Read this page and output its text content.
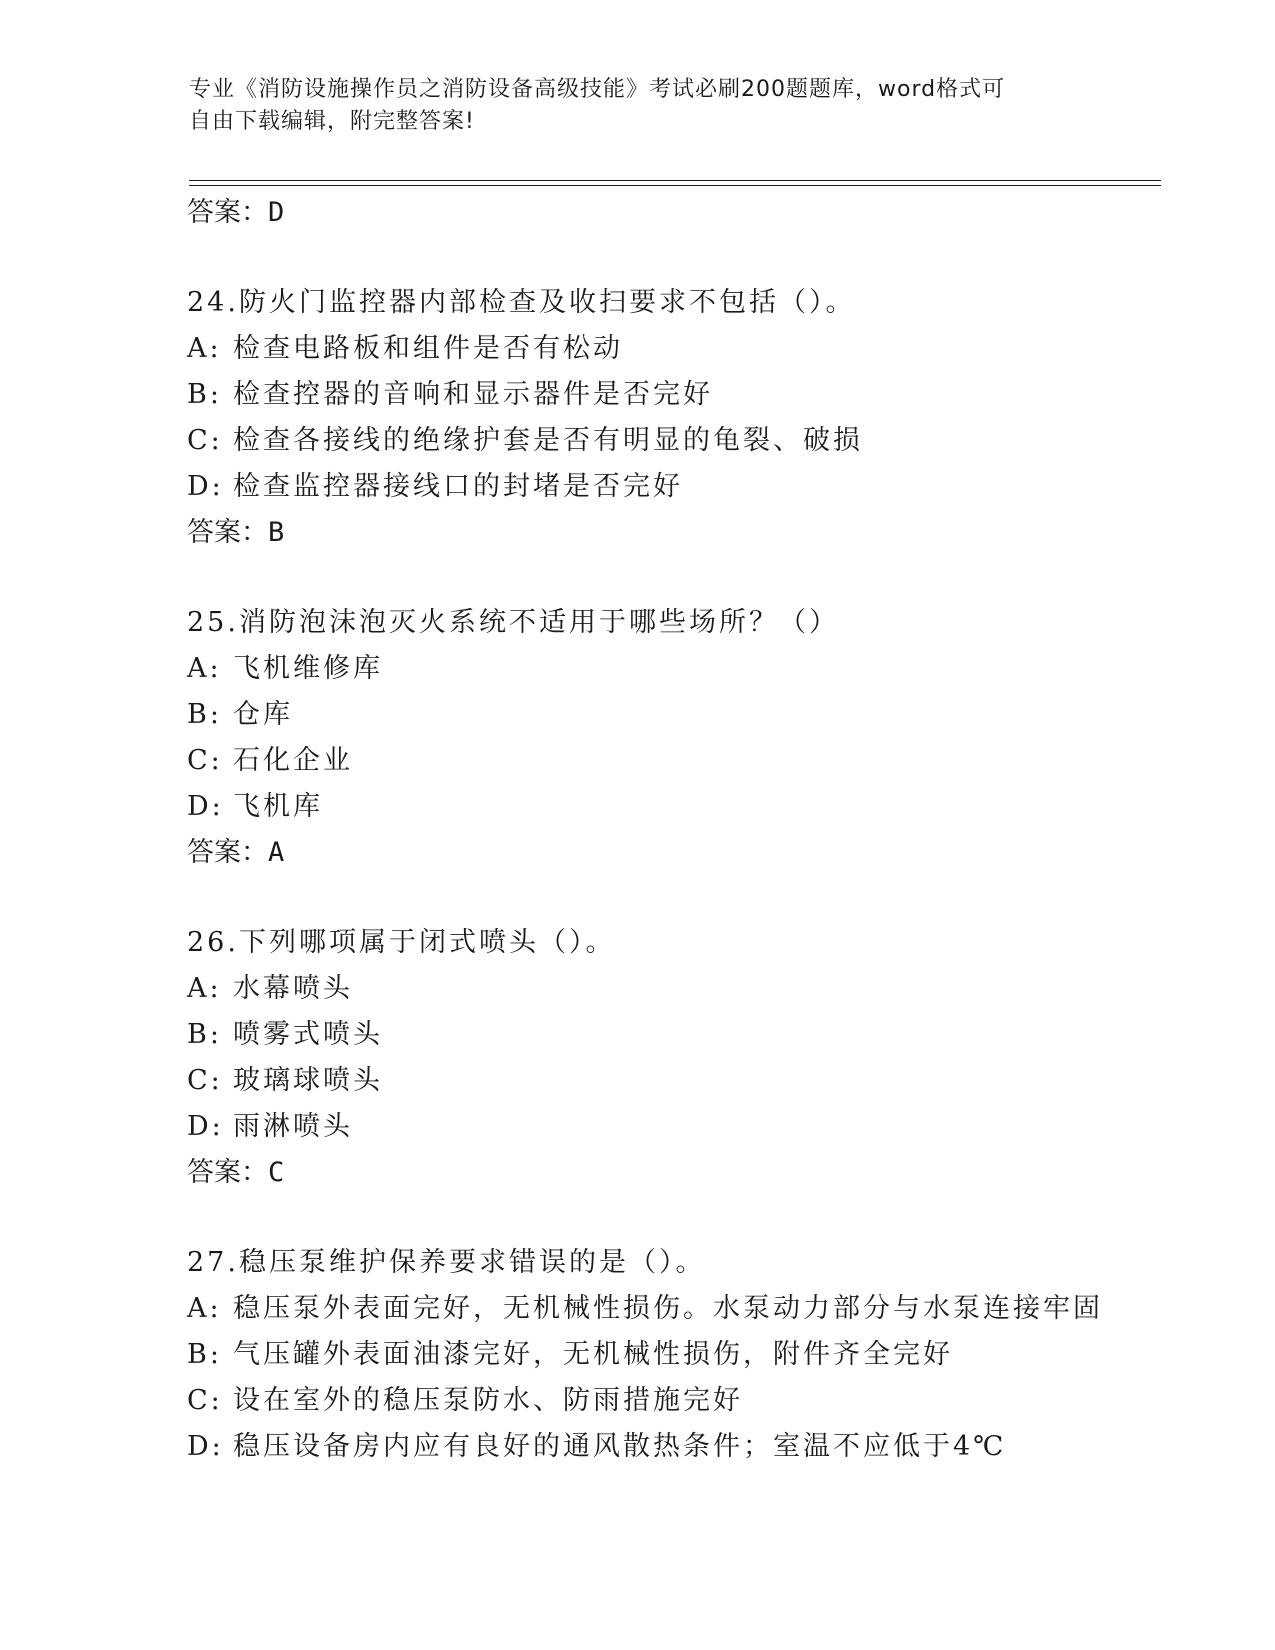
专业《消防设施操作员之消防设备高级技能》考试必刷200题题库，word格式可
自由下载编辑，附完整答案!
答案：D
24.防火门监控器内部检查及收扫要求不包括（）。
A: 检查电路板和组件是否有松动
B: 检查控器的音响和显示器件是否完好
C: 检查各接线的绝缘护套是否有明显的龟裂、破损
D: 检查监控器接线口的封堵是否完好
答案：B
25.消防泡沫泡灭火系统不适用于哪些场所？（）
A: 飞机维修库
B: 仓库
C: 石化企业
D: 飞机库
答案：A
26.下列哪项属于闭式喷头（）。
A: 水幕喷头
B: 喷雾式喷头
C: 玻璃球喷头
D: 雨淋喷头
答案：C
27.稳压泵维护保养要求错误的是（）。
A: 稳压泵外表面完好，无机械性损伤。水泵动力部分与水泵连接牢固
B: 气压罐外表面油漆完好，无机械性损伤，附件齐全完好
C: 设在室外的稳压泵防水、防雨措施完好
D: 稳压设备房内应有良好的通风散热条件；室温不应低于4℃
